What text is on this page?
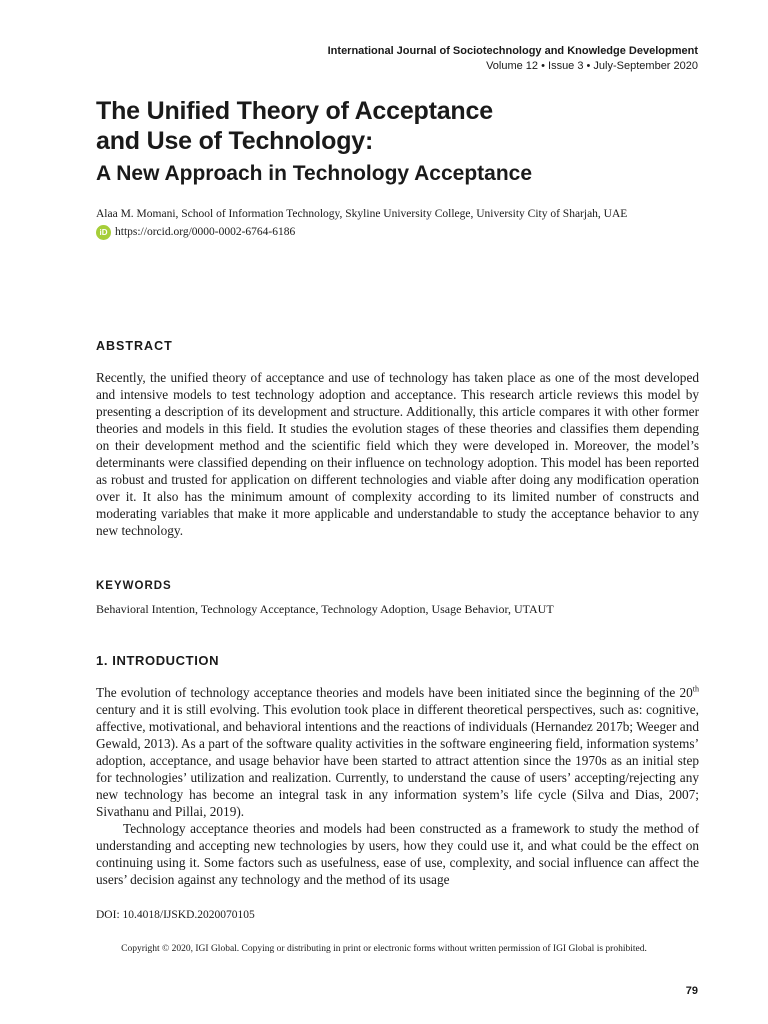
International Journal of Sociotechnology and Knowledge Development
Volume 12 • Issue 3 • July-September 2020
The Unified Theory of Acceptance
and Use of Technology:
A New Approach in Technology Acceptance
Alaa M. Momani, School of Information Technology, Skyline University College, University City of Sharjah, UAE
iD https://orcid.org/0000-0002-6764-6186
ABSTRACT
Recently, the unified theory of acceptance and use of technology has taken place as one of the most developed and intensive models to test technology adoption and acceptance. This research article reviews this model by presenting a description of its development and structure. Additionally, this article compares it with other former theories and models in this field. It studies the evolution stages of these theories and classifies them depending on their development method and the scientific field which they were developed in. Moreover, the model’s determinants were classified depending on their influence on technology adoption. This model has been reported as robust and trusted for application on different technologies and viable after doing any modification operation over it. It also has the minimum amount of complexity according to its limited number of constructs and moderating variables that make it more applicable and understandable to study the acceptance behavior to any new technology.
KEYWORDS
Behavioral Intention, Technology Acceptance, Technology Adoption, Usage Behavior, UTAUT
1. INTRODUCTION
The evolution of technology acceptance theories and models have been initiated since the beginning of the 20th century and it is still evolving. This evolution took place in different theoretical perspectives, such as: cognitive, affective, motivational, and behavioral intentions and the reactions of individuals (Hernandez 2017b; Weeger and Gewald, 2013). As a part of the software quality activities in the software engineering field, information systems’ adoption, acceptance, and usage behavior have been started to attract attention since the 1970s as an initial step for technologies’ utilization and realization. Currently, to understand the cause of users’ accepting/rejecting any new technology has become an integral task in any information system’s life cycle (Silva and Dias, 2007; Sivathanu and Pillai, 2019).
Technology acceptance theories and models had been constructed as a framework to study the method of understanding and accepting new technologies by users, how they could use it, and what could be the effect on continuing using it. Some factors such as usefulness, ease of use, complexity, and social influence can affect the users’ decision against any technology and the method of its usage
DOI: 10.4018/IJSKD.2020070105
Copyright © 2020, IGI Global. Copying or distributing in print or electronic forms without written permission of IGI Global is prohibited.
79
